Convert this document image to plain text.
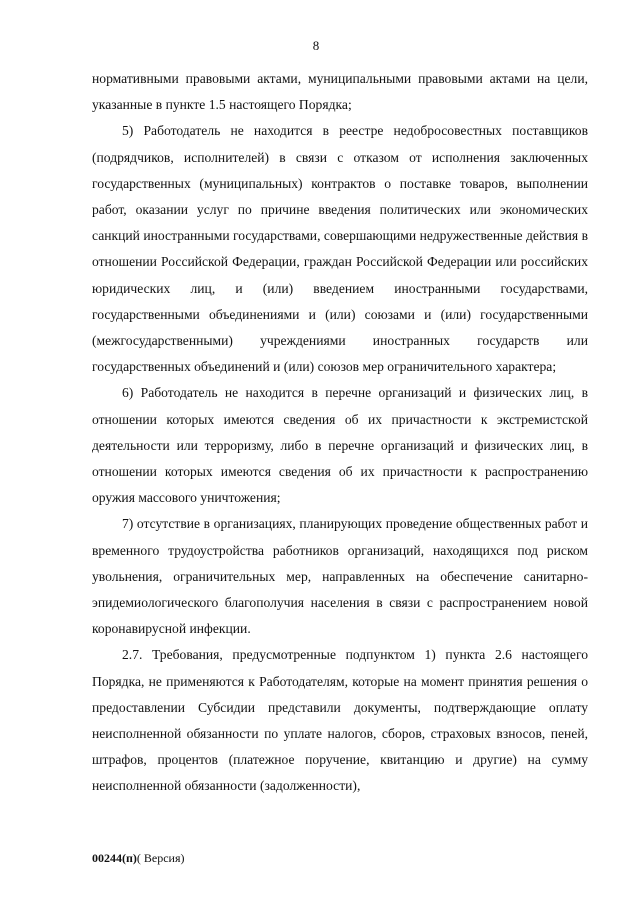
8

нормативными правовыми актами, муниципальными правовыми актами на цели, указанные в пункте 1.5 настоящего Порядка;

5) Работодатель не находится в реестре недобросовестных поставщиков (подрядчиков, исполнителей) в связи с отказом от исполнения заключенных государственных (муниципальных) контрактов о поставке товаров, выполнении работ, оказании услуг по причине введения политических или экономических санкций иностранными государствами, совершающими недружественные действия в отношении Российской Федерации, граждан Российской Федерации или российских юридических лиц, и (или) введением иностранными государствами, государственными объединениями и (или) союзами и (или) государственными (межгосударственными) учреждениями иностранных государств или государственных объединений и (или) союзов мер ограничительного характера;

6) Работодатель не находится в перечне организаций и физических лиц, в отношении которых имеются сведения об их причастности к экстремистской деятельности или терроризму, либо в перечне организаций и физических лиц, в отношении которых имеются сведения об их причастности к распространению оружия массового уничтожения;

7) отсутствие в организациях, планирующих проведение общественных работ и временного трудоустройства работников организаций, находящихся под риском увольнения, ограничительных мер, направленных на обеспечение санитарно-эпидемиологического благополучия населения в связи с распространением новой коронавирусной инфекции.

2.7. Требования, предусмотренные подпунктом 1) пункта 2.6 настоящего Порядка, не применяются к Работодателям, которые на момент принятия решения о предоставлении Субсидии представили документы, подтверждающие оплату неисполненной обязанности по уплате налогов, сборов, страховых взносов, пеней, штрафов, процентов (платежное поручение, квитанцию и другие) на сумму неисполненной обязанности (задолженности),

00244(п)( Версия)
